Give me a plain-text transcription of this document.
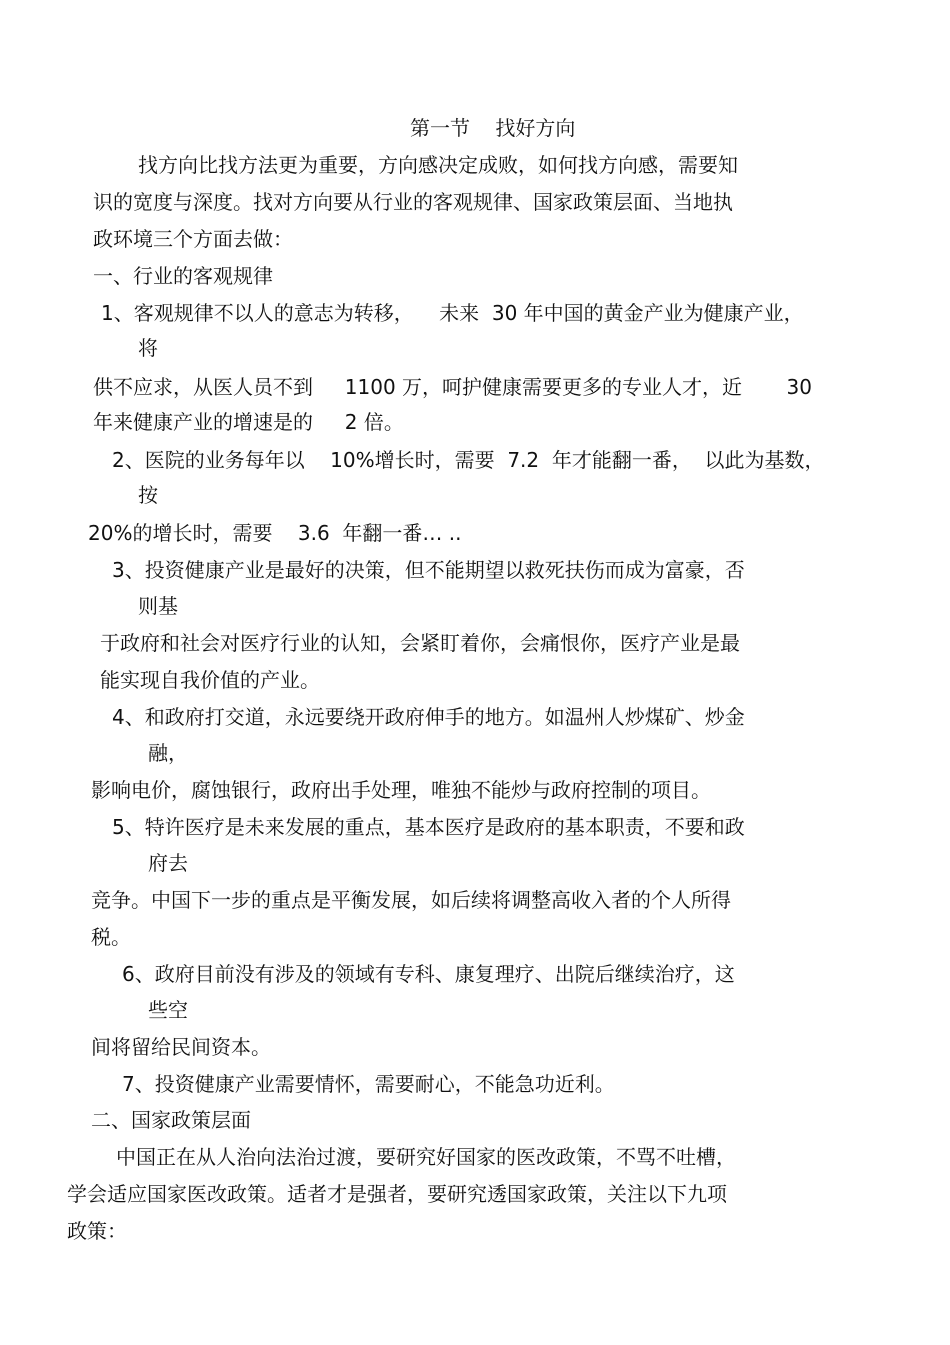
第一节    找好方向
找方向比找方法更为重要，方向感决定成败，如何找方向感，需要知
识的宽度与深度。找对方向要从行业的客观规律、国家政策层面、当地执
政环境三个方面去做：
一、行业的客观规律
1、客观规律不以人的意志为转移，    未来  30 年中国的黄金产业为健康产业，
将
供不应求，从医人员不到     1100 万，呵护健康需要更多的专业人才，近       30
年来健康产业的增速是的     2 倍。
2、医院的业务每年以    10%增长时，需要  7.2  年才能翻一番，  以此为基数，
按
20%的增长时，需要    3.6  年翻一番… ..
3、投资健康产业是最好的决策，但不能期望以救死扶伤而成为富豪，否
则基
于政府和社会对医疗行业的认知，会紧盯着你，会痛恨你，医疗产业是最
能实现自我价值的产业。
4、和政府打交道，永远要绕开政府伸手的地方。如温州人炒煤矿、炒金
融，
影响电价，腐蚀银行，政府出手处理，唯独不能炒与政府控制的项目。
5、特许医疗是未来发展的重点，基本医疗是政府的基本职责，不要和政
府去
竞争。中国下一步的重点是平衡发展，如后续将调整高收入者的个人所得
税。
6、政府目前没有涉及的领域有专科、康复理疗、出院后继续治疗，这
些空
间将留给民间资本。
7、投资健康产业需要情怀，需要耐心，不能急功近利。
二、国家政策层面
中国正在从人治向法治过渡，要研究好国家的医改政策，不骂不吐槽，
学会适应国家医改政策。适者才是强者，要研究透国家政策，关注以下九项
政策：
